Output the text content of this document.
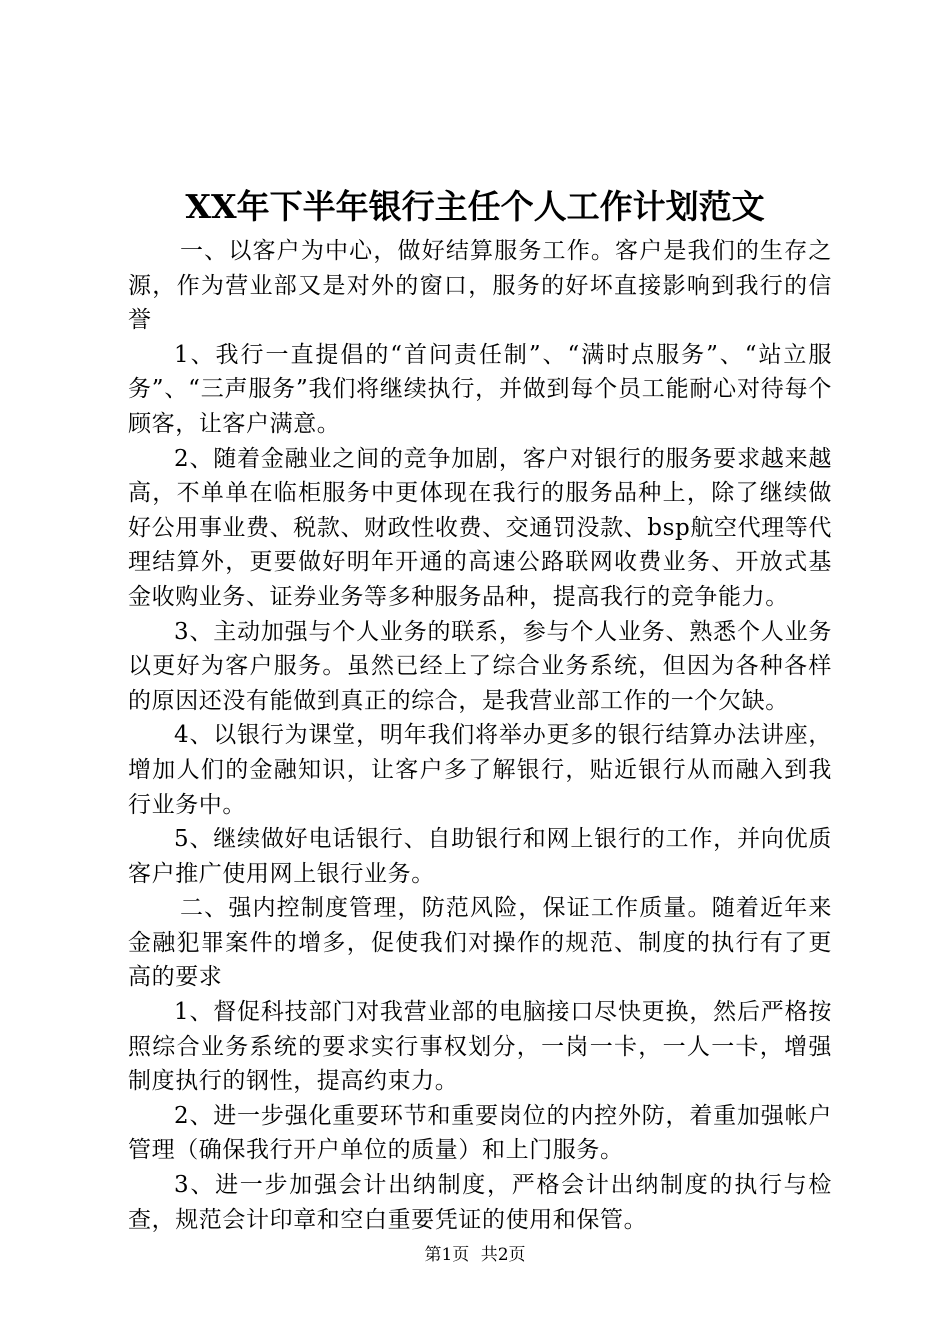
XX年下半年银行主任个人工作计划范文

一、以客户为中心，做好结算服务工作。客户是我们的生存之源，作为营业部又是对外的窗口，服务的好坏直接影响到我行的信誉

1、我行一直提倡的“首问责任制”、“满时点服务”、“站立服务”、“三声服务”我们将继续执行，并做到每个员工能耐心对待每个顾客，让客户满意。

2、随着金融业之间的竞争加剧，客户对银行的服务要求越来越高，不单单在临柜服务中更体现在我行的服务品种上，除了继续做好公用事业费、税款、财政性收费、交通罚没款、bsp航空代理等代理结算外，更要做好明年开通的高速公路联网收费业务、开放式基金收购业务、证券业务等多种服务品种，提高我行的竞争能力。

3、主动加强与个人业务的联系，参与个人业务、熟悉个人业务以更好为客户服务。虽然已经上了综合业务系统，但因为各种各样的原因还没有能做到真正的综合，是我营业部工作的一个欠缺。

4、以银行为课堂，明年我们将举办更多的银行结算办法讲座，增加人们的金融知识，让客户多了解银行，贴近银行从而融入到我行业务中。

5、继续做好电话银行、自助银行和网上银行的工作，并向优质客户推广使用网上银行业务。

二、强内控制度管理，防范风险，保证工作质量。随着近年来金融犯罪案件的增多，促使我们对操作的规范、制度的执行有了更高的要求

1、督促科技部门对我营业部的电脑接口尽快更换，然后严格按照综合业务系统的要求实行事权划分，一岗一卡，一人一卡，增强制度执行的钢性，提高约束力。

2、进一步强化重要环节和重要岗位的内控外防，着重加强帐户管理（确保我行开户单位的质量）和上门服务。

3、进一步加强会计出纳制度，严格会计出纳制度的执行与检查，规范会计印章和空白重要凭证的使用和保管。

第1页 共2页
